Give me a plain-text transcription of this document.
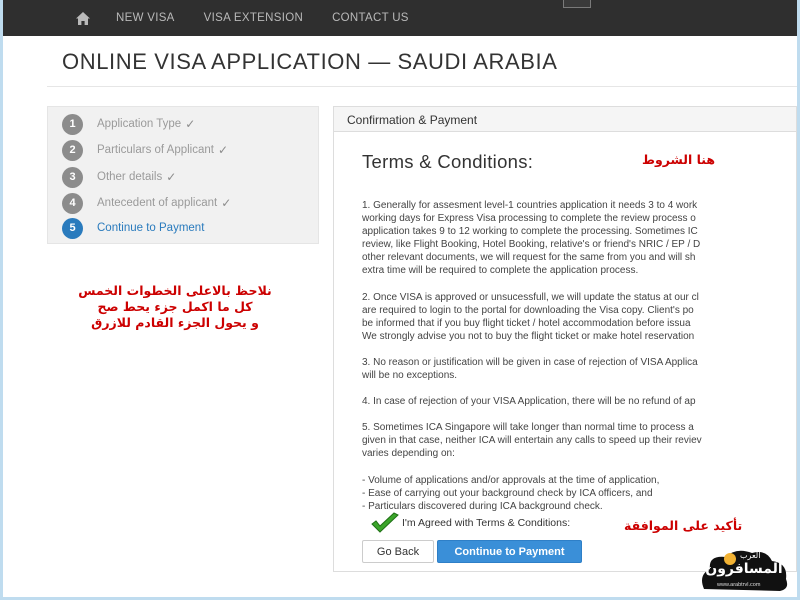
NEW VISA	VISA EXTENSION	CONTACT US
ONLINE VISA APPLICATION — SAUDI ARABIA
1	Application Type ✓
2	Particulars of Applicant ✓
3	Other details ✓
4	Antecedent of applicant ✓
5	Continue to Payment
نلاحظ بالاعلى الخطوات الخمس
كل ما اكمل جزء يحط صح
و يحول الجزء القادم للازرق
Confirmation & Payment
Terms & Conditions:	هنا الشروط

1. Generally for assesment level-1 countries application it needs 3 to 4 work
working days for Express Visa processing to complete the review process o
application takes 9 to 12 working to complete the processing. Sometimes IC
review, like Flight Booking, Hotel Booking, relative's or friend's NRIC / EP / D
other relevant documents, we will request for the same from you and will sh
extra time will be required to complete the application process.

2. Once VISA is approved or unsucessfull, we will update the status at our cl
are required to login to the portal for downloading the Visa copy. Client's po
be informed that if you buy flight ticket / hotel accommodation before issua
We strongly advise you not to buy the flight ticket or make hotel reservation

3. No reason or justification will be given in case of rejection of VISA Applica
will be no exceptions.

4. In case of rejection of your VISA Application, there will be no refund of ap

5. Sometimes ICA Singapore will take longer than normal time to process a
given in that case, neither ICA will entertain any calls to speed up their reviev
varies depending on:

- Volume of applications and/or approvals at the time of application,
- Ease of carrying out your background check by ICA officers, and
- Particulars discovered during ICA background check.

I'm Agreed with Terms & Conditions:	تأكيد على الموافقة
Go Back	Continue to Payment	العرب
المسافرون
www.arabtrvl.com
